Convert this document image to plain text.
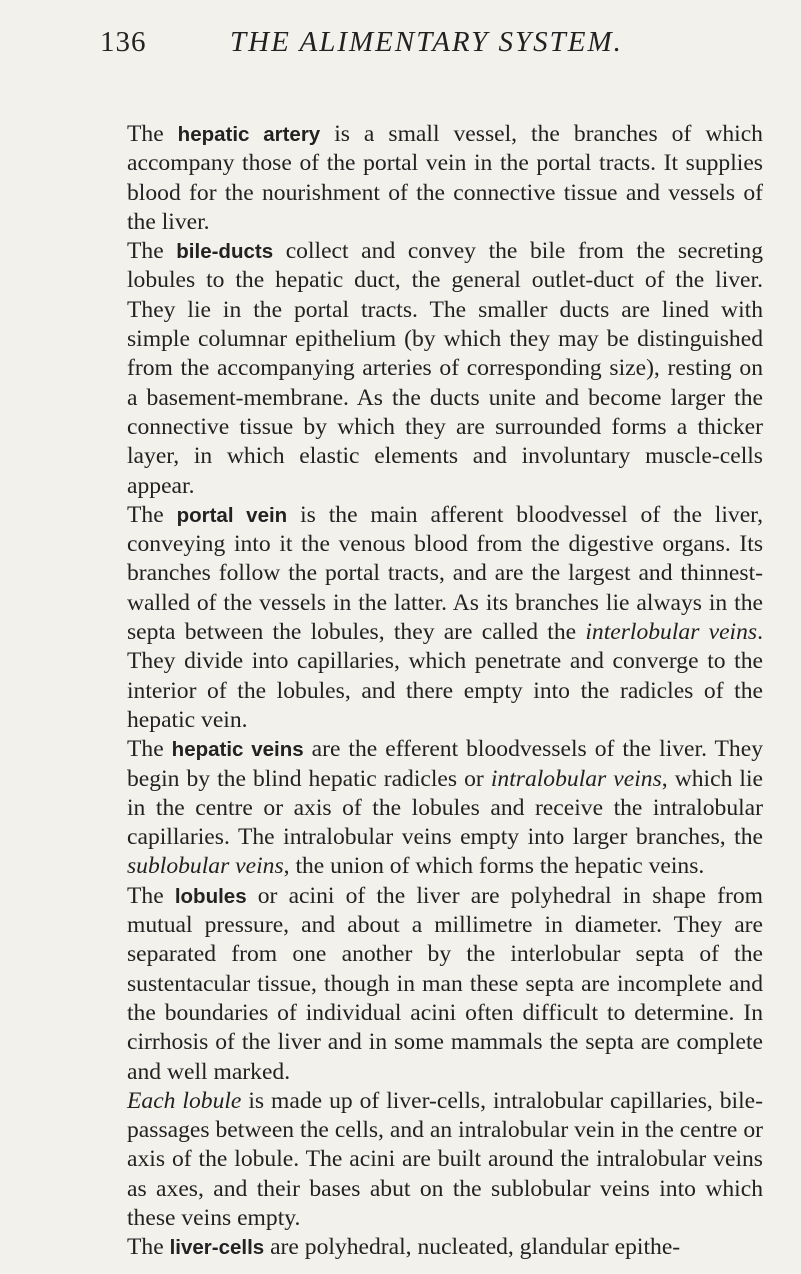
136	THE ALIMENTARY SYSTEM.

The hepatic artery is a small vessel, the branches of which accompany those of the portal vein in the portal tracts. It supplies blood for the nourishment of the connective tissue and vessels of the liver.

The bile-ducts collect and convey the bile from the secreting lobules to the hepatic duct, the general outlet-duct of the liver. They lie in the portal tracts. The smaller ducts are lined with simple columnar epithelium (by which they may be distinguished from the accompanying arteries of corresponding size), resting on a basement-membrane. As the ducts unite and become larger the connective tissue by which they are surrounded forms a thicker layer, in which elastic elements and involuntary muscle-cells appear.

The portal vein is the main afferent bloodvessel of the liver, conveying into it the venous blood from the digestive organs. Its branches follow the portal tracts, and are the largest and thinnest-walled of the vessels in the latter. As its branches lie always in the septa between the lobules, they are called the interlobular veins. They divide into capillaries, which penetrate and converge to the interior of the lobules, and there empty into the radicles of the hepatic vein.

The hepatic veins are the efferent bloodvessels of the liver. They begin by the blind hepatic radicles or intralobular veins, which lie in the centre or axis of the lobules and receive the intralobular capillaries. The intralobular veins empty into larger branches, the sublobular veins, the union of which forms the hepatic veins.

The lobules or acini of the liver are polyhedral in shape from mutual pressure, and about a millimetre in diameter. They are separated from one another by the interlobular septa of the sustentacular tissue, though in man these septa are incomplete and the boundaries of individual acini often difficult to determine. In cirrhosis of the liver and in some mammals the septa are complete and well marked.

Each lobule is made up of liver-cells, intralobular capillaries, bile-passages between the cells, and an intralobular vein in the centre or axis of the lobule. The acini are built around the intralobular veins as axes, and their bases abut on the sublobular veins into which these veins empty.

The liver-cells are polyhedral, nucleated, glandular epithe-
